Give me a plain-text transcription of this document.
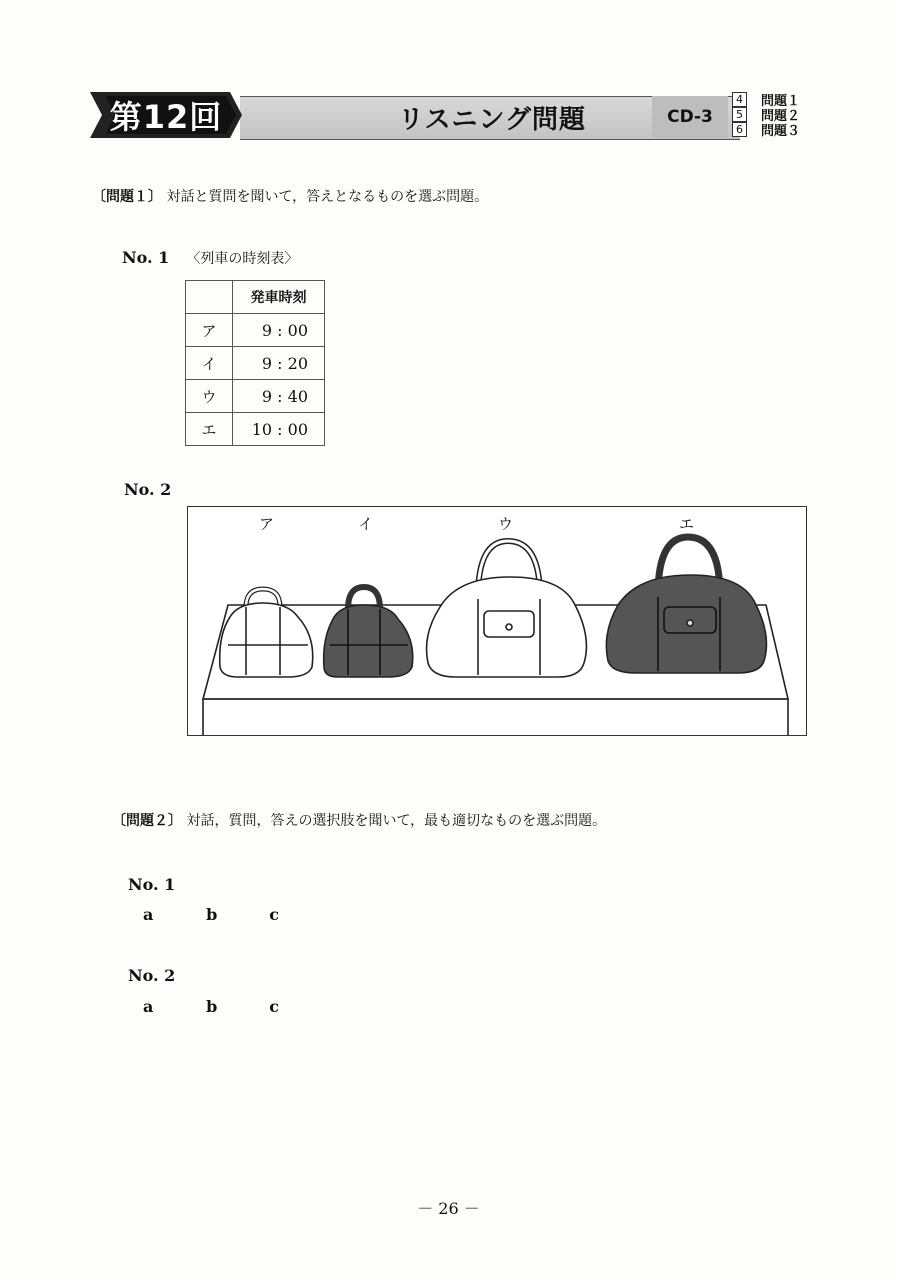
第12回	リスニング問題	CD-3
4	問題１
5	問題２
6	問題３
〔問題１〕 対話と質問を聞いて，答えとなるものを選ぶ問題。
No. 1 〈列車の時刻表〉
	発車時刻
ア	9 : 00
イ	9 : 20
ウ	9 : 40
エ	10 : 00
No. 2
ア	イ	ウ	エ
〔問題２〕 対話，質問，答えの選択肢を聞いて，最も適切なものを選ぶ問題。
No. 1
a	b	c
No. 2
a	b	c
－ 26 －
